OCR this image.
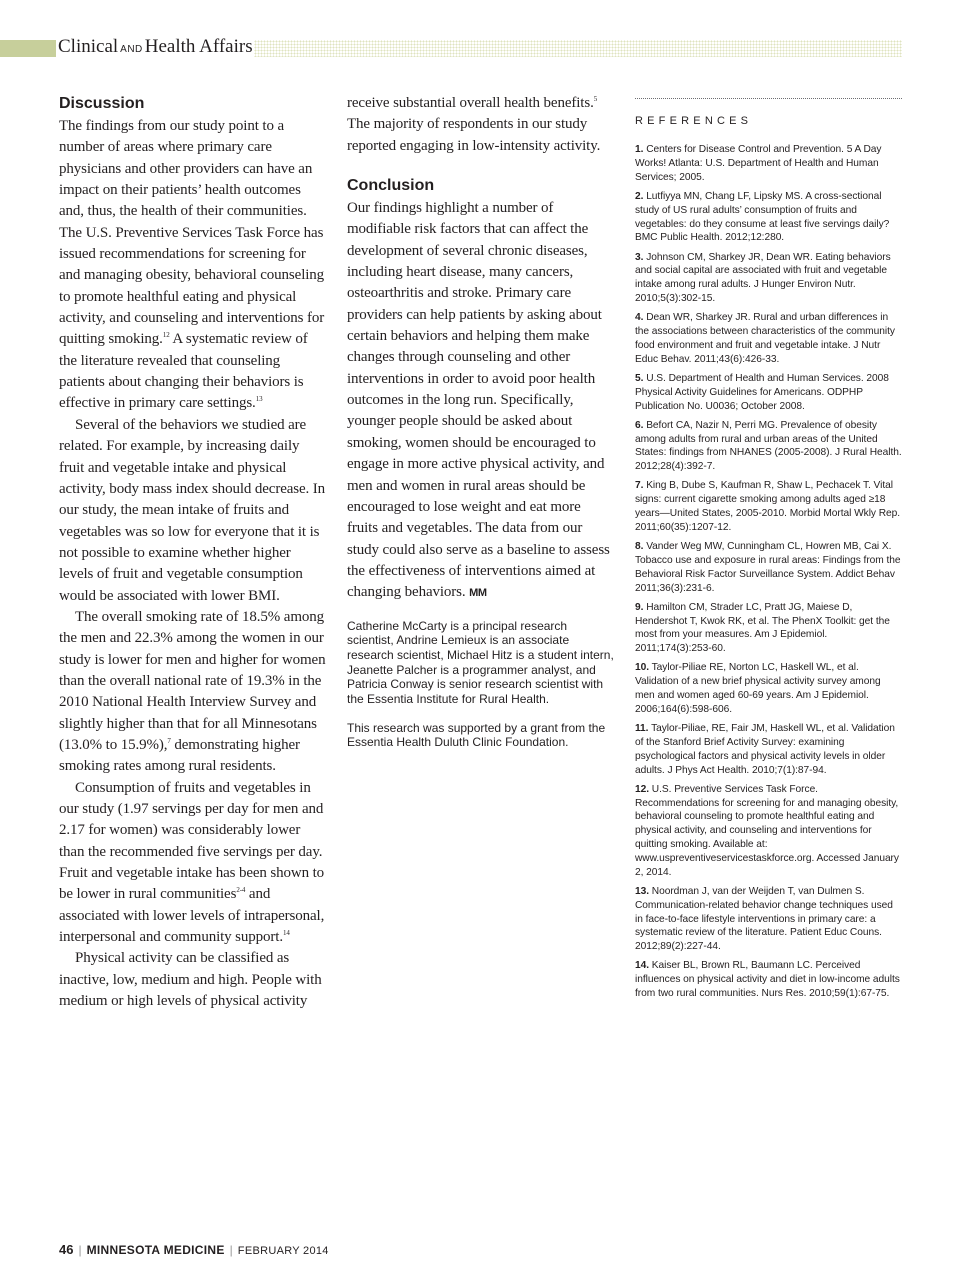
Clinical AND Health Affairs
Discussion

The findings from our study point to a number of areas where primary care physicians and other providers can have an impact on their patients’ health outcomes and, thus, the health of their communities. The U.S. Preventive Services Task Force has issued recommendations for screening for and managing obesity, behavioral counseling to promote healthful eating and physical activity, and counseling and interventions for quitting smoking.$^{12}$ A systematic review of the literature revealed that counseling patients about changing their behaviors is effective in primary care settings.$^{13}$

Several of the behaviors we studied are related. For example, by increasing daily fruit and vegetable intake and physical activity, body mass index should decrease. In our study, the mean intake of fruits and vegetables was so low for everyone that it is not possible to examine whether higher levels of fruit and vegetable consumption would be associated with lower BMI.

The overall smoking rate of 18.5% among the men and 22.3% among the women in our study is lower for men and higher for women than the overall national rate of 19.3% in the 2010 National Health Interview Survey and slightly higher than that for all Minnesotans (13.0% to 15.9%),$^7$ demonstrating higher smoking rates among rural residents.

Consumption of fruits and vegetables in our study (1.97 servings per day for men and 2.17 for women) was considerably lower than the recommended five servings per day. Fruit and vegetable intake has been shown to be lower in rural communities$^{2-4}$ and associated with lower levels of intrapersonal, interpersonal and community support.$^{14}$

Physical activity can be classified as inactive, low, medium and high. People with medium or high levels of physical activity

receive substantial overall health benefits.$^5$ The majority of respondents in our study reported engaging in low-intensity activity.

Conclusion

Our findings highlight a number of modifiable risk factors that can affect the development of several chronic diseases, including heart disease, many cancers, osteoarthritis and stroke. Primary care providers can help patients by asking about certain behaviors and helping them make changes through counseling and other interventions in order to avoid poor health outcomes in the long run. Specifically, younger people should be asked about smoking, women should be encouraged to engage in more active physical activity, and men and women in rural areas should be encouraged to lose weight and eat more fruits and vegetables. The data from our study could also serve as a baseline to assess the effectiveness of interventions aimed at changing behaviors. MM

Catherine McCarty is a principal research scientist, Andrine Lemieux is an associate research scientist, Michael Hitz is a student intern, Jeanette Palcher is a programmer analyst, and Patricia Conway is senior research scientist with the Essentia Institute for Rural Health.

This research was supported by a grant from the Essentia Health Duluth Clinic Foundation.

REFERENCES

1. Centers for Disease Control and Prevention. 5 A Day Works! Atlanta: U.S. Department of Health and Human Services; 2005.

2. Lutfiyya MN, Chang LF, Lipsky MS. A cross-sectional study of US rural adults’ consumption of fruits and vegetables: do they consume at least five servings daily? BMC Public Health. 2012;12:280.

3. Johnson CM, Sharkey JR, Dean WR. Eating behaviors and social capital are associated with fruit and vegetable intake among rural adults. J Hunger Environ Nutr. 2010;5(3):302-15.

4. Dean WR, Sharkey JR. Rural and urban differences in the associations between characteristics of the community food environment and fruit and vegetable intake. J Nutr Educ Behav. 2011;43(6):426-33.

5. U.S. Department of Health and Human Services. 2008 Physical Activity Guidelines for Americans. ODPHP Publication No. U0036; October 2008.

6. Befort CA, Nazir N, Perri MG. Prevalence of obesity among adults from rural and urban areas of the United States: findings from NHANES (2005-2008). J Rural Health. 2012;28(4):392-7.

7. King B, Dube S, Kaufman R, Shaw L, Pechacek T. Vital signs: current cigarette smoking among adults aged ≥18 years—United States, 2005-2010. Morbid Mortal Wkly Rep. 2011;60(35):1207-12.

8. Vander Weg MW, Cunningham CL, Howren MB, Cai X. Tobacco use and exposure in rural areas: Findings from the Behavioral Risk Factor Surveillance System. Addict Behav 2011;36(3):231-6.

9. Hamilton CM, Strader LC, Pratt JG, Maiese D, Hendershot T, Kwok RK, et al. The PhenX Toolkit: get the most from your measures. Am J Epidemiol. 2011;174(3):253-60.

10. Taylor-Piliae RE, Norton LC, Haskell WL, et al. Validation of a new brief physical activity survey among men and women aged 60-69 years. Am J Epidemiol. 2006;164(6):598-606.

11. Taylor-Piliae, RE, Fair JM, Haskell WL, et al. Validation of the Stanford Brief Activity Survey: examining psychological factors and physical activity levels in older adults. J Phys Act Health. 2010;7(1):87-94.

12. U.S. Preventive Services Task Force. Recommendations for screening for and managing obesity, behavioral counseling to promote healthful eating and physical activity, and counseling and interventions for quitting smoking. Available at: www.uspreventiveservicestaskforce.org. Accessed January 2, 2014.

13. Noordman J, van der Weijden T, van Dulmen S. Communication-related behavior change techniques used in face-to-face lifestyle interventions in primary care: a systematic review of the literature. Patient Educ Couns. 2012;89(2):227-44.

14. Kaiser BL, Brown RL, Baumann LC. Perceived influences on physical activity and diet in low-income adults from two rural communities. Nurs Res. 2010;59(1):67-75.

46 | MINNESOTA MEDICINE | FEBRUARY 2014
